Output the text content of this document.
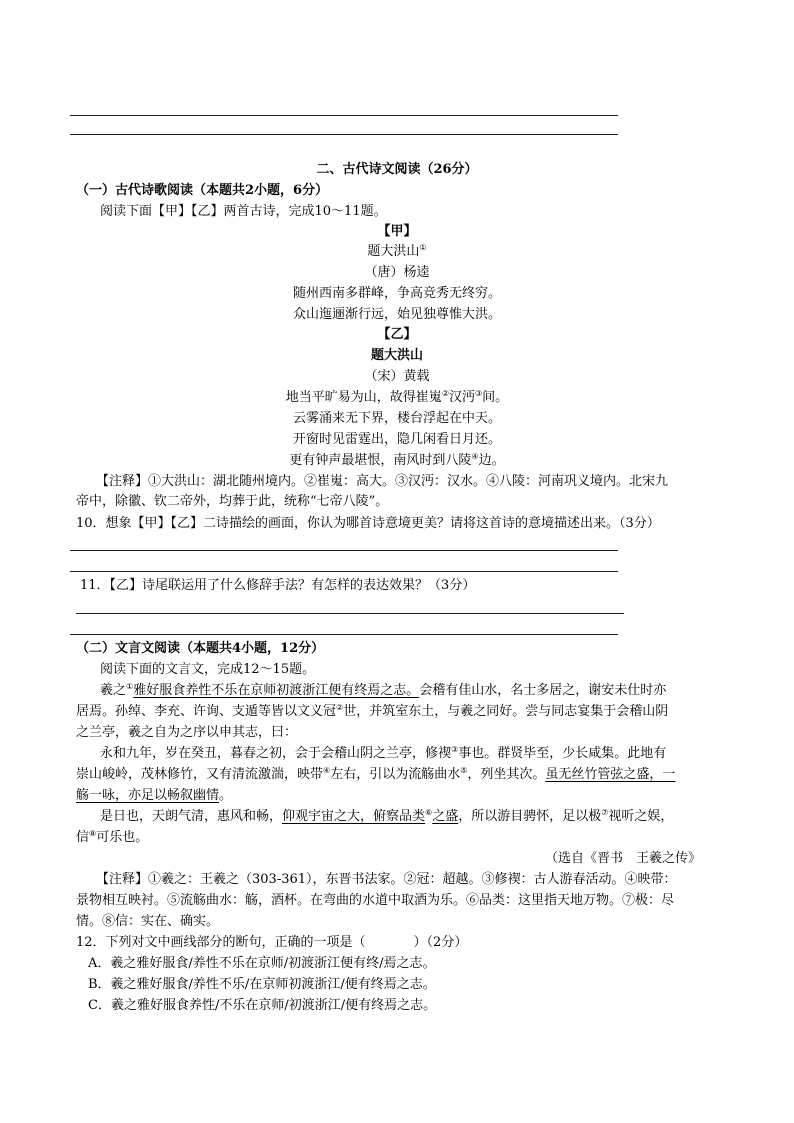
二、古代诗文阅读（26分）
（一）古代诗歌阅读（本题共2小题，6分）
阅读下面【甲】【乙】两首古诗，完成10～11题。
【甲】
题大洪山①
（唐）杨逵
随州西南多群峰，争高竞秀无终穷。
众山迤逦渐行远，始见独尊惟大洪。
【乙】
题大洪山
（宋）黄载
地当平旷易为山，故得崔嵬②汉沔③间。
云雾涌来无下界，楼台浮起在中天。
开窗时见雷霆出，隐几闲看日月还。
更有钟声最堪恨，南风时到八陵④边。
【注释】①大洪山：湖北随州境内。②崔嵬：高大。③汉沔：汉水。④八陵：河南巩义境内。北宋九
帝中，除徽、钦二帝外，均葬于此，统称“七帝八陵”。
10．想象【甲】【乙】二诗描绘的画面，你认为哪首诗意境更美？请将这首诗的意境描述出来。（3分）
11．【乙】诗尾联运用了什么修辞手法？有怎样的表达效果？（3分）
（二）文言文阅读（本题共4小题，12分）
阅读下面的文言文，完成12～15题。
羲之①雅好服食养性不乐在京师初渡浙江便有终焉之志。会稽有佳山水，名士多居之，谢安未仕时亦
居焉。孙绰、李充、许询、支遁等皆以文义冠②世，并筑室东土，与羲之同好。尝与同志宴集于会稽山阴
之兰亭，羲之自为之序以申其志，曰：
永和九年，岁在癸丑，暮春之初，会于会稽山阴之兰亭，修禊③事也。群贤毕至，少长咸集。此地有
崇山峻岭，茂林修竹，又有清流激湍，映带④左右，引以为流觞曲水⑤，列坐其次。虽无丝竹管弦之盛，一
觞一咏，亦足以畅叙幽情。
是日也，天朗气清，惠风和畅，仰观宇宙之大，俯察品类⑥之盛，所以游目骋怀，足以极⑦视听之娱，
信⑧可乐也。
（选自《晋书　王羲之传》
【注释】①羲之：王羲之（303-361），东晋书法家。②冠：超越。③修禊：古人游春活动。④映带：
景物相互映衬。⑤流觞曲水：觞，酒杯。在弯曲的水道中取酒为乐。⑥品类：这里指天地万物。⑦极：尽
情。⑧信：实在、确实。
12．下列对文中画线部分的断句，正确的一项是（	）（2分）
A．羲之雅好服食/养性不乐在京师/初渡浙江便有终/焉之志。
B．羲之雅好服食/养性不乐/在京师初渡浙江/便有终焉之志。
C．羲之雅好服食养性/不乐在京师/初渡浙江/便有终焉之志。
